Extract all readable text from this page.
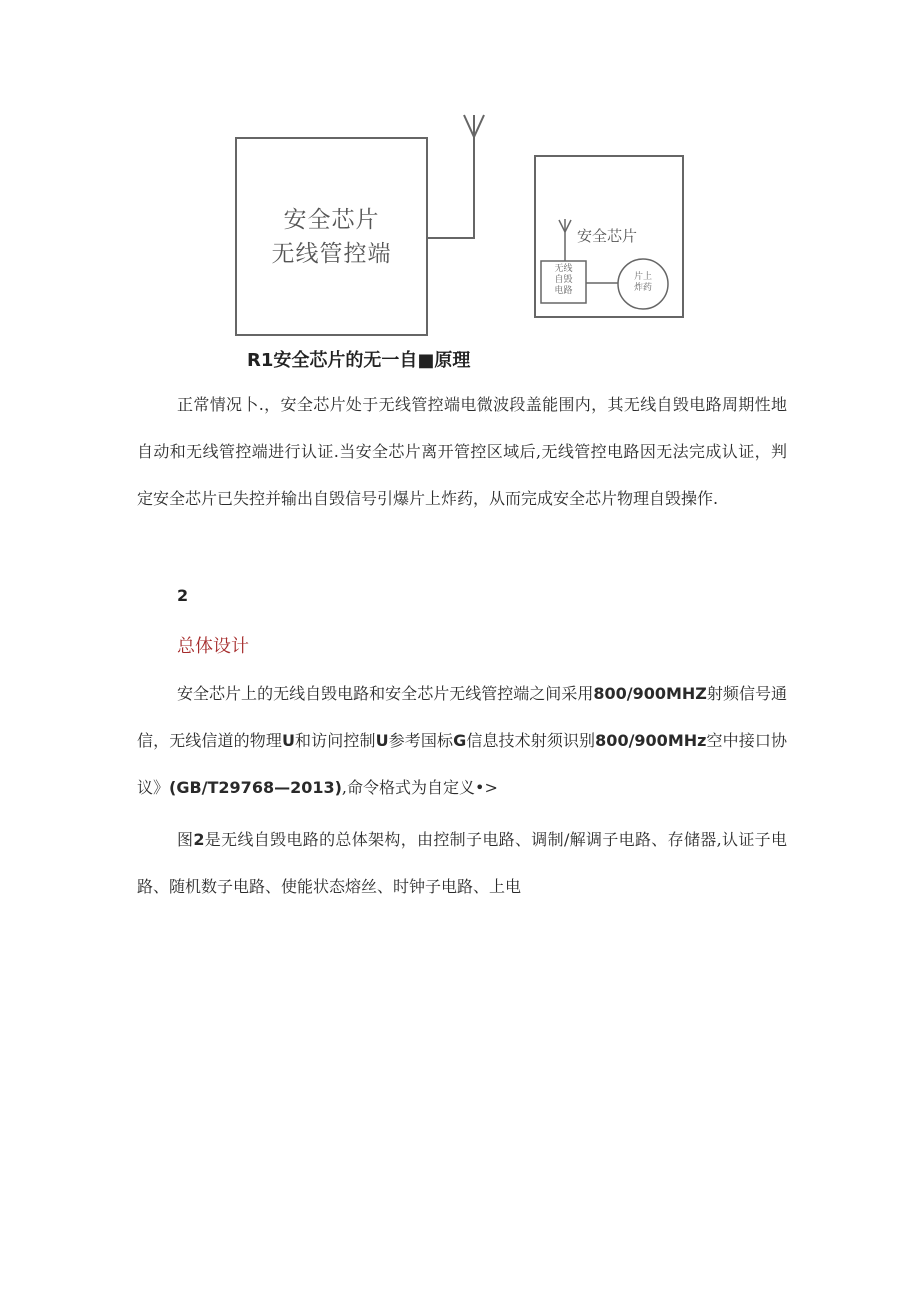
安全芯片
无线管控端
安全芯片
无线
自毁
电路
片上
炸药
R1安全芯片的无一自■原理
正常情况卜.，安全芯片处于无线管控端电微波段盖能围内，其无线自毁电路周期性地自动和无线管控端进行认证.当安全芯片离开管控区域后,无线管控电路因无法完成认证，判定安全芯片已失控并输出自毁信号引爆片上炸药，从而完成安全芯片物理自毁操作.
2
总体设计
安全芯片上的无线自毁电路和安全芯片无线管控端之间采用800/900MHZ射频信号通信，无线信道的物理U和访问控制U参考国标G信息技术射须识别800/900MHz空中接口协议》(GB/T29768—2013),命令格式为自定义•>
图2是无线自毁电路的总体架构，由控制子电路、调制/解调子电路、存储器,认证子电路、随机数子电路、使能状态熔丝、时钟子电路、上电
